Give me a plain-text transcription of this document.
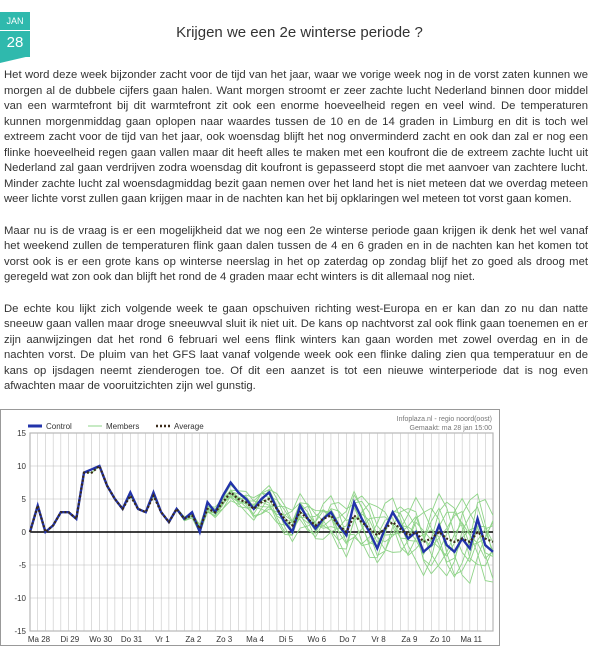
JAN
28
Krijgen we een 2e winterse periode ?

Het word deze week bijzonder zacht voor de tijd van het jaar, waar we vorige week nog in de vorst zaten kunnen we morgen al de dubbele cijfers gaan halen. Want morgen stroomt er zeer zachte lucht Nederland binnen door middel van een warmtefront bij dit warmtefront zit ook een enorme hoeveelheid regen en veel wind. De temperaturen kunnen morgenmiddag gaan oplopen naar waardes tussen de 10 en de 14 graden in Limburg en dit is toch wel extreem zacht voor de tijd van het jaar, ook woensdag blijft het nog onverminderd zacht en ook dan zal er nog een flinke hoeveelheid regen gaan vallen maar dit heeft alles te maken met een koufront die de extreem zachte lucht uit Nederland zal gaan verdrijven zodra woensdag dit koufront is gepasseerd stopt die met aanvoer van zachtere lucht. Minder zachte lucht zal woensdagmiddag bezit gaan nemen over het land het is niet meteen dat we overdag meteen weer lichte vorst zullen gaan krijgen maar in de nachten kan het bij opklaringen wel meteen tot vorst gaan komen.

Maar nu is de vraag is er een mogelijkheid dat we nog een 2e winterse periode gaan krijgen ik denk het wel vanaf het weekend zullen de temperaturen flink gaan dalen tussen de 4 en 6 graden en in de nachten kan het komen tot vorst ook is er een grote kans op winterse neerslag in het op zaterdag op zondag blijf het zo goed als droog met geregeld wat zon ook dan blijft het rond de 4 graden maar echt winters is dit allemaal nog niet.

De echte kou lijkt zich volgende week te gaan opschuiven richting west-Europa en er kan dan zo nu dan natte sneeuw gaan vallen maar droge sneeuwval sluit ik niet uit. De kans op nachtvorst zal ook flink gaan toenemen en er zijn aanwijzingen dat het rond 6 februari wel eens flink winters kan gaan worden met zowel overdag en in de nachten vorst. De pluim van het GFS laat vanaf volgende week ook een flinke daling zien qua temperatuur en de kans op ijsdagen neemt zienderogen toe. Of dit een aanzet is tot een nieuwe winterperiode dat is nog even afwachten maar de vooruitzichten zijn wel gunstig.

15
10
5
0
-5
-10
-15
Ma 28 Di 29 Wo 30 Do 31 Vr 1 Za 2 Zo 3 Ma 4 Di 5 Wo 6 Do 7 Vr 8 Za 9 Zo 10 Ma 11
Control	Members	Average
Infoplaza.nl - regio noord(oost)
Gemaakt: ma 28 jan 15:00
